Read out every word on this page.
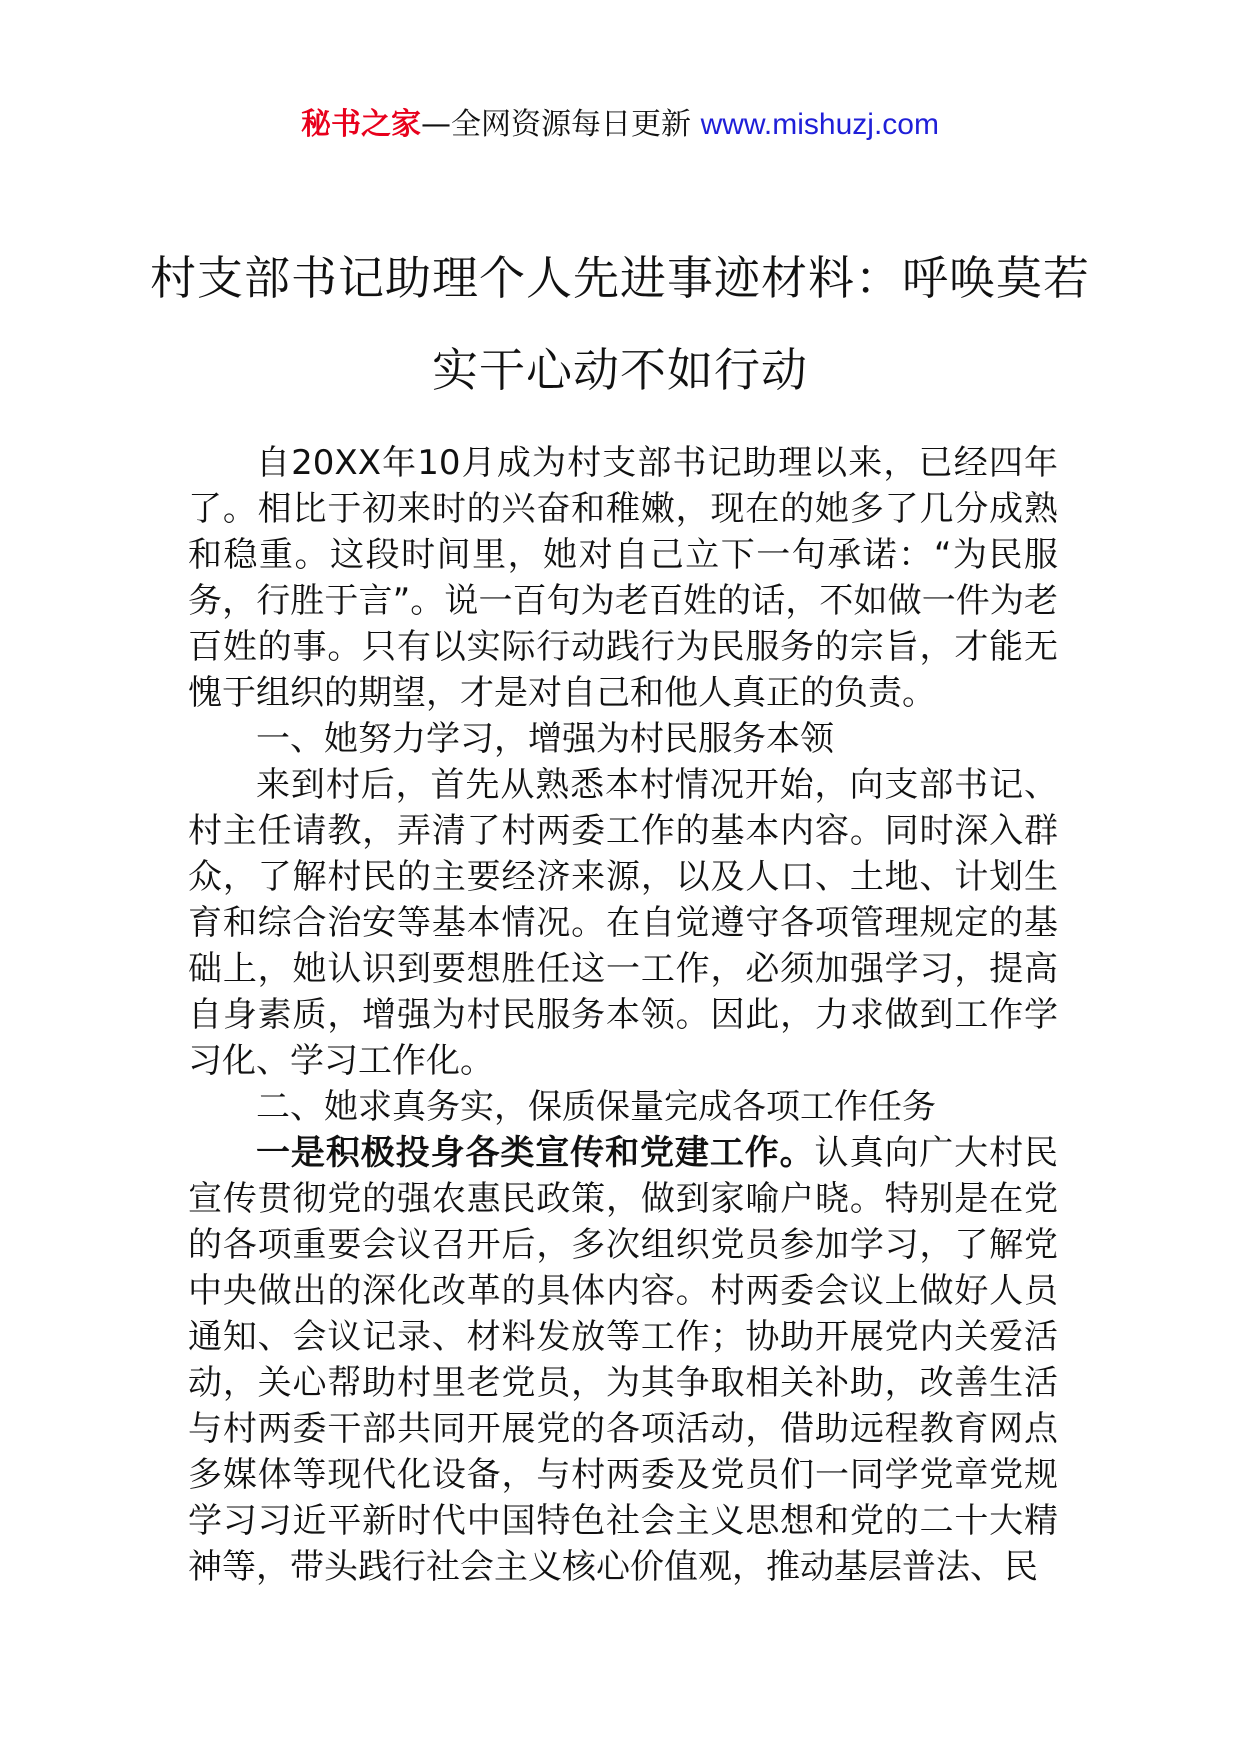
秘书之家—全网资源每日更新 www.mishuzj.com
村支部书记助理个人先进事迹材料：呼唤莫若实干心动不如行动

自20XX年10月成为村支部书记助理以来，已经四年了。相比于初来时的兴奋和稚嫩，现在的她多了几分成熟和稳重。这段时间里，她对自己立下一句承诺：“为民服务，行胜于言”。说一百句为老百姓的话，不如做一件为老百姓的事。只有以实际行动践行为民服务的宗旨，才能无愧于组织的期望，才是对自己和他人真正的负责。

一、她努力学习，增强为村民服务本领

来到村后，首先从熟悉本村情况开始，向支部书记、村主任请教，弄清了村两委工作的基本内容。同时深入群众，了解村民的主要经济来源，以及人口、土地、计划生育和综合治安等基本情况。在自觉遵守各项管理规定的基础上，她认识到要想胜任这一工作，必须加强学习，提高自身素质，增强为村民服务本领。因此，力求做到工作学习化、学习工作化。

二、她求真务实，保质保量完成各项工作任务

一是积极投身各类宣传和党建工作。认真向广大村民宣传贯彻党的强农惠民政策，做到家喻户晓。特别是在党的各项重要会议召开后，多次组织党员参加学习，了解党中央做出的深化改革的具体内容。村两委会议上做好人员通知、会议记录、材料发放等工作；协助开展党内关爱活动，关心帮助村里老党员，为其争取相关补助，改善生活与村两委干部共同开展党的各项活动，借助远程教育网点多媒体等现代化设备，与村两委及党员们一同学党章党规学习习近平新时代中国特色社会主义思想和党的二十大精神等，带头践行社会主义核心价值观，推动基层普法、民
